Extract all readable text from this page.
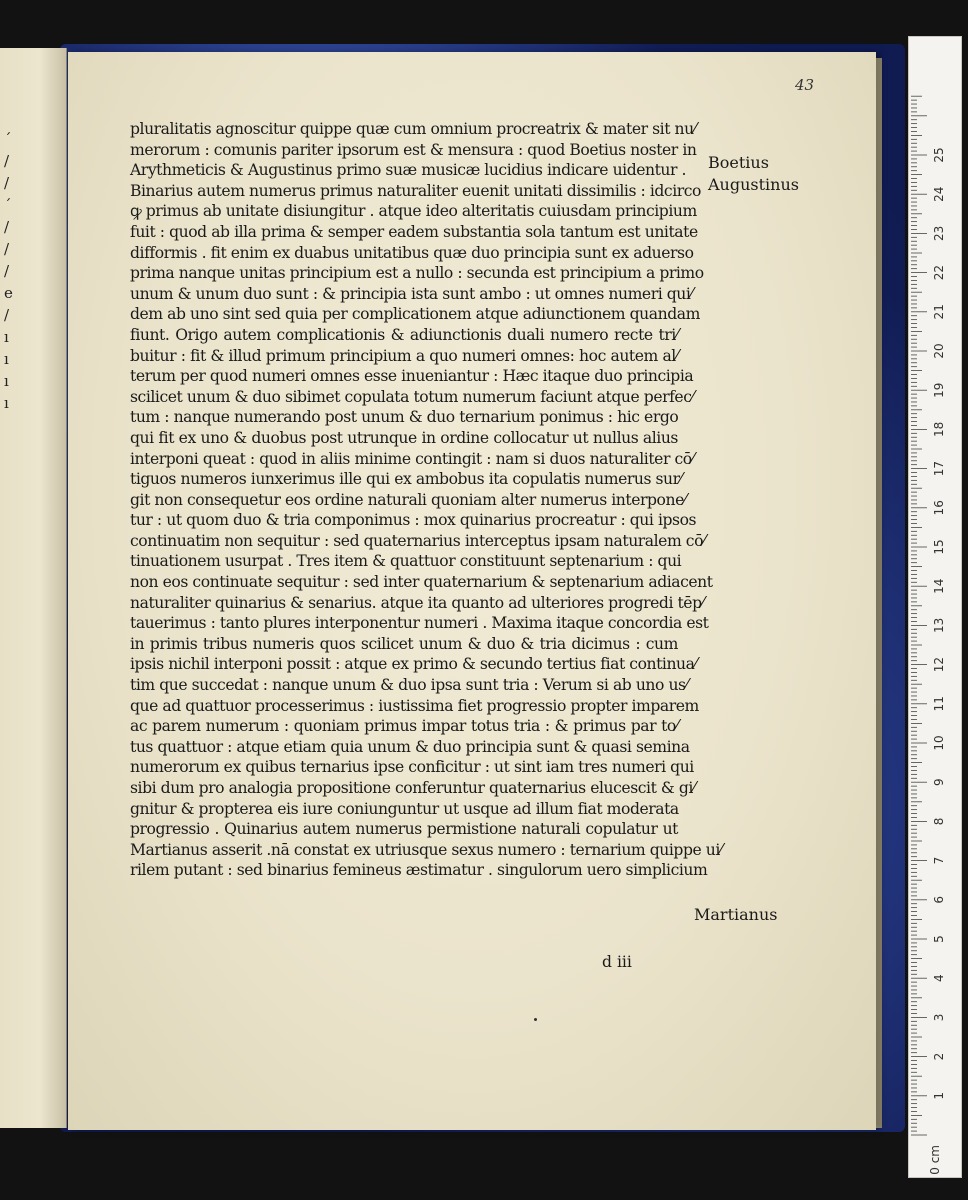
ˊ
/
/
ˊ
/
/
/
e
/
ı
ı
ı
ı
43
pluralitatis agnoscitur quippe quæ cum omnium procreatrix & mater sit nu⁄
merorum : comunis pariter ipsorum est & mensura : quod Boetius noster in
Arythmeticis & Augustinus primo suæ musicæ lucidius indicare uidentur .
Binarius autem numerus primus naturaliter euenit unitati dissimilis : idcirco
ꝙ primus ab unitate disiungitur . atque ideo alteritatis cuiusdam principium
fuit : quod ab illa prima & semper eadem substantia sola tantum est unitate
difformis . fit enim ex duabus unitatibus quæ duo principia sunt ex aduerso
prima nanque unitas principium est a nullo : secunda est principium a primo
unum & unum duo sunt : & principia ista sunt ambo : ut omnes numeri qui⁄
dem ab uno sint sed quia per complicationem atque adiunctionem quandam
fiunt. Origo autem complicationis & adiunctionis duali numero recte tri⁄
buitur : fit & illud primum principium a quo numeri omnes: hoc autem al⁄
terum per quod numeri omnes esse inueniantur : Hæc itaque duo principia
scilicet unum & duo sibimet copulata totum numerum faciunt atque perfec⁄
tum : nanque numerando post unum & duo ternarium ponimus : hic ergo
qui fit ex uno & duobus post utrunque in ordine collocatur ut nullus alius
interponi queat : quod in aliis minime contingit : nam si duos naturaliter cō⁄
tiguos numeros iunxerimus ille qui ex ambobus ita copulatis numerus sur⁄
git non consequetur eos ordine naturali quoniam alter numerus interpone⁄
tur : ut quom duo & tria componimus : mox quinarius procreatur : qui ipsos
continuatim non sequitur : sed quaternarius interceptus ipsam naturalem cō⁄
tinuationem usurpat . Tres item & quattuor constituunt septenarium : qui
non eos continuate sequitur : sed inter quaternarium & septenarium adiacent
naturaliter quinarius & senarius. atque ita quanto ad ulteriores progredi tēp⁄
tauerimus : tanto plures interponentur numeri . Maxima itaque concordia est
in primis tribus numeris quos scilicet unum & duo & tria dicimus : cum
ipsis nichil interponi possit : atque ex primo & secundo tertius fiat continua⁄
tim que succedat : nanque unum & duo ipsa sunt tria : Verum si ab uno us⁄
que ad quattuor processerimus : iustissima fiet progressio propter imparem
ac parem numerum : quoniam primus impar totus tria : & primus par to⁄
tus quattuor : atque etiam quia unum & duo principia sunt & quasi semina
numerorum ex quibus ternarius ipse conficitur : ut sint iam tres numeri qui
sibi dum pro analogia propositione conferuntur quaternarius elucescit & gi⁄
gnitur & propterea eis iure coniunguntur ut usque ad illum fiat moderata
progressio . Quinarius autem numerus permistione naturali copulatur ut
Martianus asserit .nā constat ex utriusque sexus numero : ternarium quippe ui⁄
rilem putant : sed binarius femineus æstimatur . singulorum uero simplicium
d iii
Boetius
Augustinus
Martianus
1
2
3
4
5
6
7
8
9
10
11
12
13
14
15
16
17
18
19
20
21
22
23
24
25
0 cm
